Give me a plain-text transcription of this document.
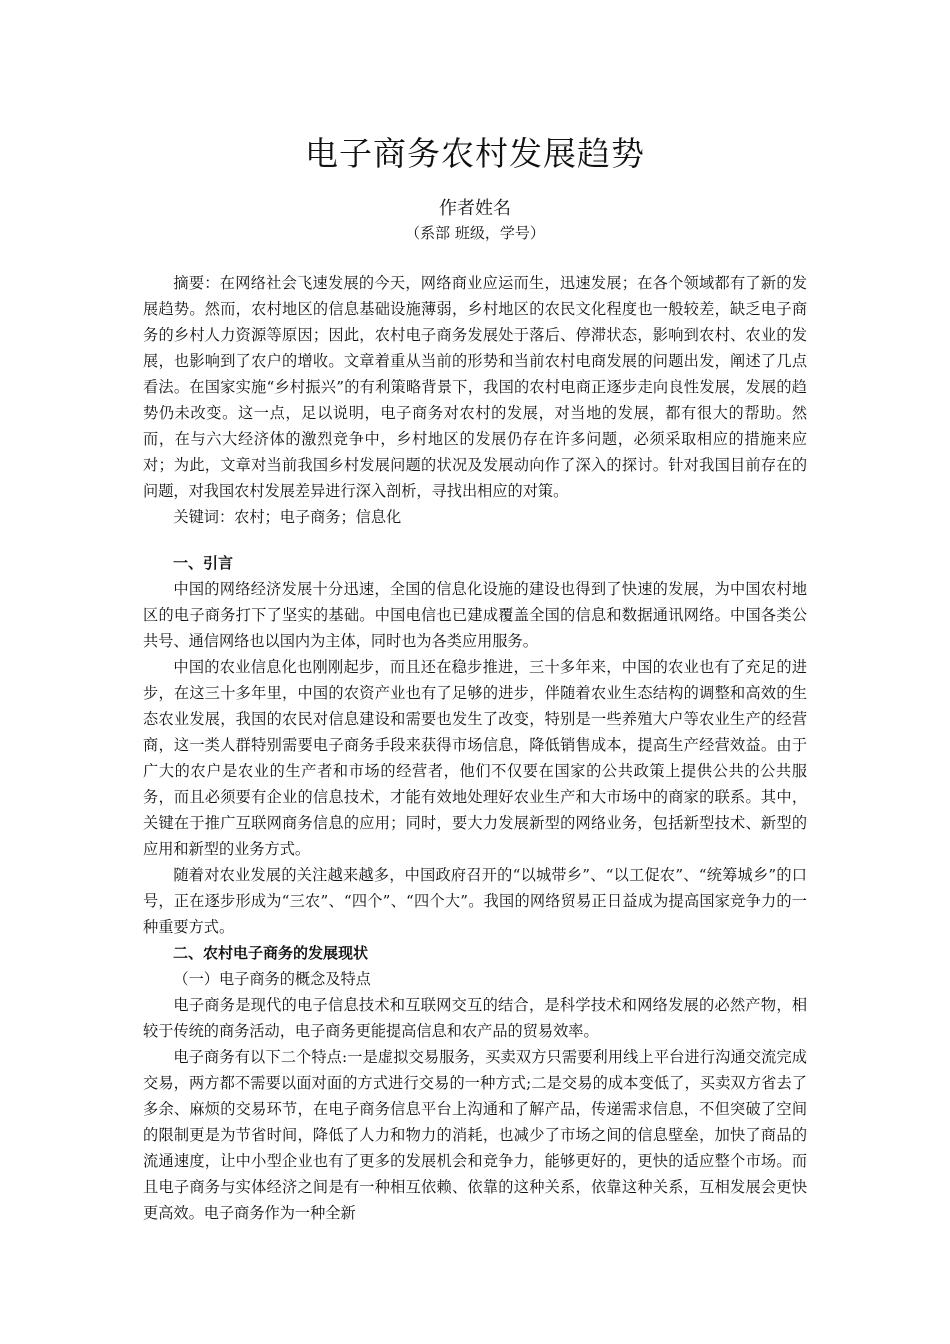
电子商务农村发展趋势
作者姓名
（系部 班级，学号）

摘要：在网络社会飞速发展的今天，网络商业应运而生，迅速发展；在各个领域都有了新的发展趋势。然而，农村地区的信息基础设施薄弱，乡村地区的农民文化程度也一般较差，缺乏电子商务的乡村人力资源等原因；因此，农村电子商务发展处于落后、停滞状态，影响到农村、农业的发展，也影响到了农户的增收。文章着重从当前的形势和当前农村电商发展的问题出发，阐述了几点看法。在国家实施“乡村振兴”的有利策略背景下，我国的农村电商正逐步走向良性发展，发展的趋势仍未改变。这一点，足以说明，电子商务对农村的发展，对当地的发展，都有很大的帮助。然而，在与六大经济体的激烈竞争中，乡村地区的发展仍存在许多问题，必须采取相应的措施来应对；为此，文章对当前我国乡村发展问题的状况及发展动向作了深入的探讨。针对我国目前存在的问题，对我国农村发展差异进行深入剖析，寻找出相应的对策。

关键词：农村；电子商务；信息化

一、引言

中国的网络经济发展十分迅速，全国的信息化设施的建设也得到了快速的发展，为中国农村地区的电子商务打下了坚实的基础。中国电信也已建成覆盖全国的信息和数据通讯网络。中国各类公共号、通信网络也以国内为主体，同时也为各类应用服务。

中国的农业信息化也刚刚起步，而且还在稳步推进，三十多年来，中国的农业也有了充足的进步，在这三十多年里，中国的农资产业也有了足够的进步，伴随着农业生态结构的调整和高效的生态农业发展，我国的农民对信息建设和需要也发生了改变，特别是一些养殖大户等农业生产的经营商，这一类人群特别需要电子商务手段来获得市场信息，降低销售成本，提高生产经营效益。由于广大的农户是农业的生产者和市场的经营者，他们不仅要在国家的公共政策上提供公共的公共服务，而且必须要有企业的信息技术，才能有效地处理好农业生产和大市场中的商家的联系。其中，关键在于推广互联网商务信息的应用；同时，要大力发展新型的网络业务，包括新型技术、新型的应用和新型的业务方式。

随着对农业发展的关注越来越多，中国政府召开的“以城带乡”、“以工促农”、“统筹城乡”的口号，正在逐步形成为“三农”、“四个”、“四个大”。我国的网络贸易正日益成为提高国家竞争力的一种重要方式。

二、农村电子商务的发展现状
（一）电子商务的概念及特点

电子商务是现代的电子信息技术和互联网交互的结合，是科学技术和网络发展的必然产物，相较于传统的商务活动，电子商务更能提高信息和农产品的贸易效率。

电子商务有以下二个特点:一是虚拟交易服务，买卖双方只需要利用线上平台进行沟通交流完成交易，两方都不需要以面对面的方式进行交易的一种方式;二是交易的成本变低了，买卖双方省去了多余、麻烦的交易环节，在电子商务信息平台上沟通和了解产品，传递需求信息，不但突破了空间的限制更是为节省时间，降低了人力和物力的消耗，也减少了市场之间的信息壁垒，加快了商品的流通速度，让中小型企业也有了更多的发展机会和竞争力，能够更好的，更快的适应整个市场。而且电子商务与实体经济之间是有一种相互依赖、依靠的这种关系，依靠这种关系，互相发展会更快更高效。电子商务作为一种全新
